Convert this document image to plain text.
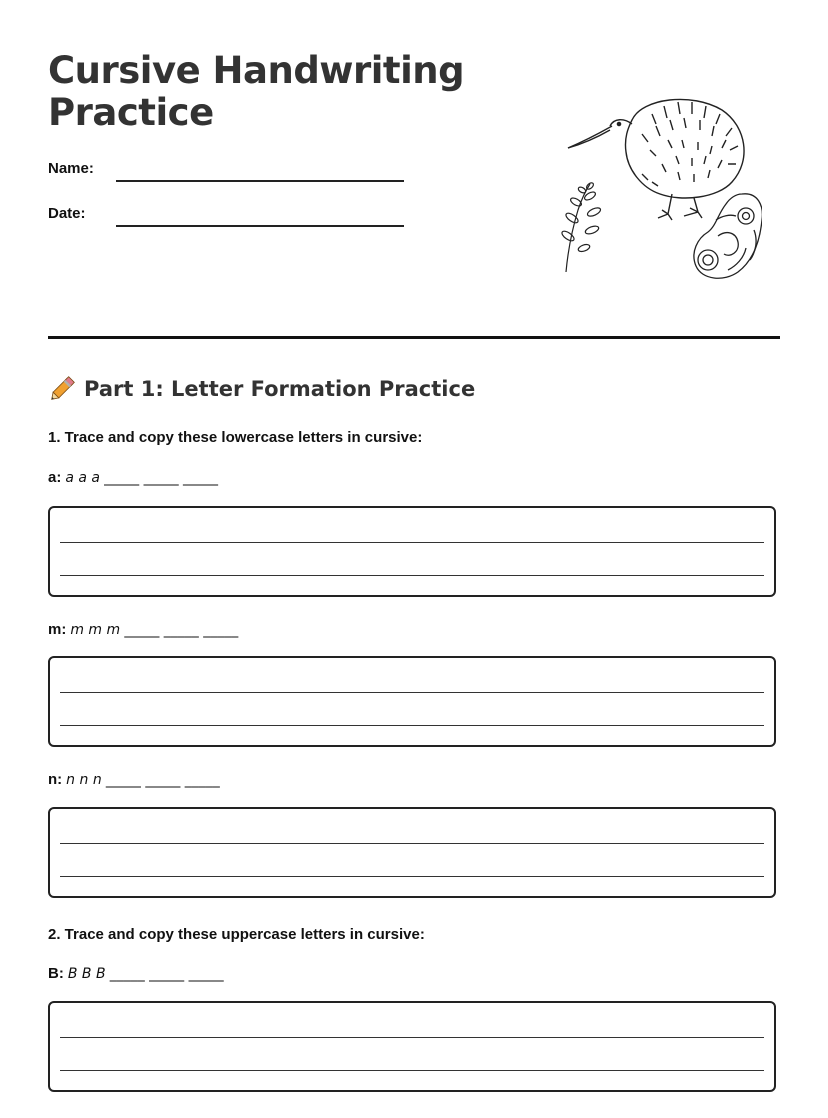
Cursive Handwriting
Practice
Name:
Date:
Part 1: Letter Formation Practice
1. Trace and copy these lowercase letters in cursive:
a: a a a _____ _____ _____
m: m m m _____ _____ _____
n: n n n _____ _____ _____
2. Trace and copy these uppercase letters in cursive:
B: B B B _____ _____ _____
